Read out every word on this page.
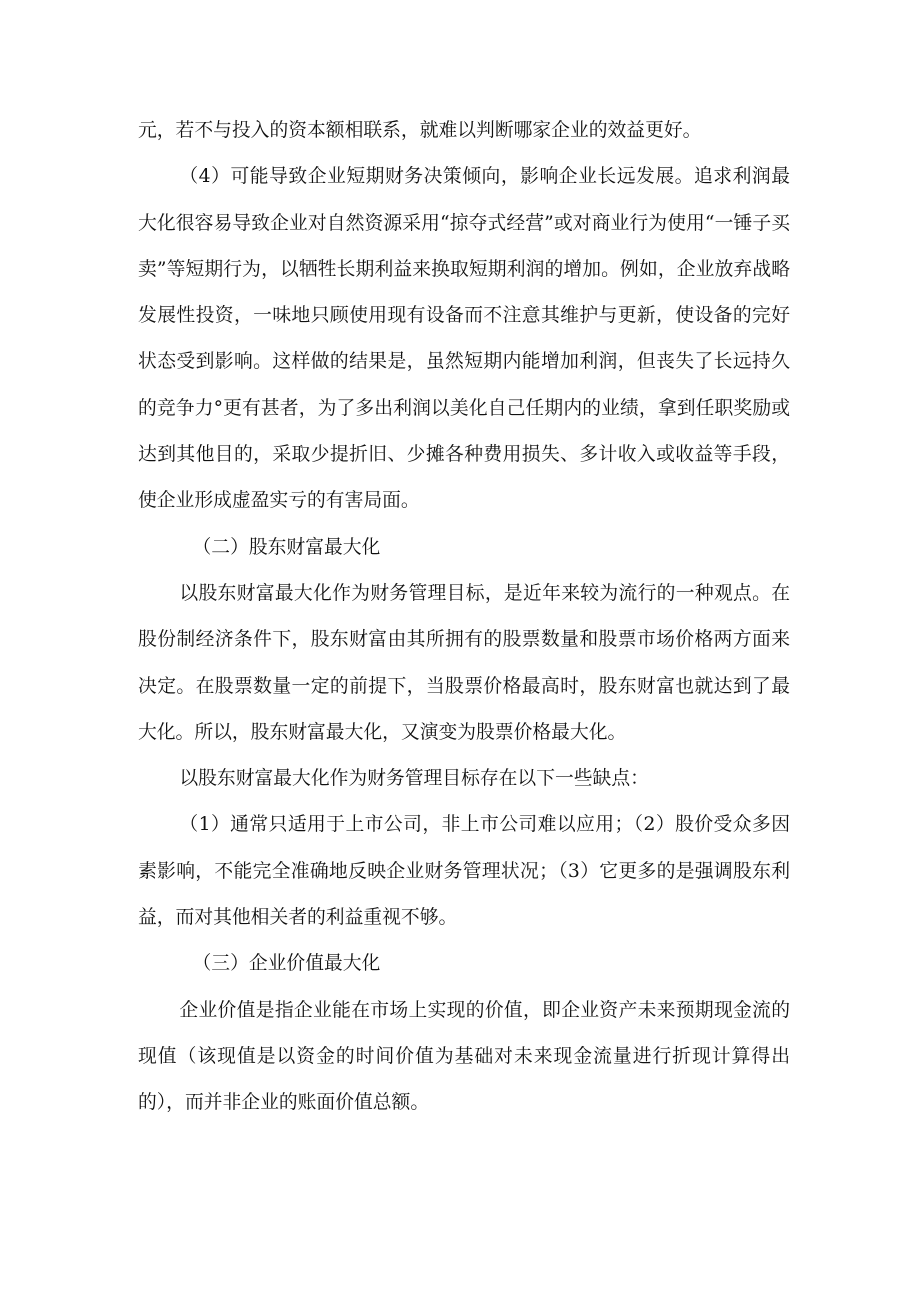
元，若不与投入的资本额相联系，就难以判断哪家企业的效益更好。

（4）可能导致企业短期财务决策倾向，影响企业长远发展。追求利润最大化很容易导致企业对自然资源采用“掠夺式经营”或对商业行为使用“一锤子买卖”等短期行为，以牺牲长期利益来换取短期利润的增加。例如，企业放弃战略发展性投资，一味地只顾使用现有设备而不注意其维护与更新，使设备的完好状态受到影响。这样做的结果是，虽然短期内能增加利润，但丧失了长远持久的竞争力°更有甚者，为了多出利润以美化自己任期内的业绩，拿到任职奖励或达到其他目的，采取少提折旧、少摊各种费用损失、多计收入或收益等手段，使企业形成虚盈实亏的有害局面。

（二）股东财富最大化

以股东财富最大化作为财务管理目标，是近年来较为流行的一种观点。在股份制经济条件下，股东财富由其所拥有的股票数量和股票市场价格两方面来决定。在股票数量一定的前提下，当股票价格最高时，股东财富也就达到了最大化。所以，股东财富最大化，又演变为股票价格最大化。

以股东财富最大化作为财务管理目标存在以下一些缺点：

（1）通常只适用于上市公司，非上市公司难以应用；（2）股价受众多因素影响，不能完全准确地反映企业财务管理状况；（3）它更多的是强调股东利益，而对其他相关者的利益重视不够。

（三）企业价值最大化

企业价值是指企业能在市场上实现的价值，即企业资产未来预期现金流的现值（该现值是以资金的时间价值为基础对未来现金流量进行折现计算得出的），而并非企业的账面价值总额。
